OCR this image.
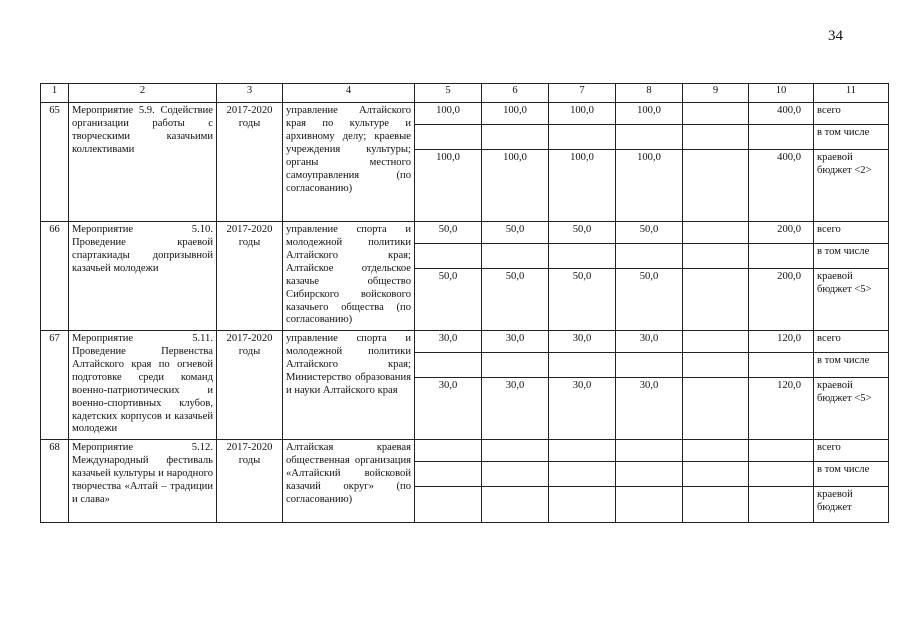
34
1	2	3	4	5	6	7	8	9	10	11
65	Мероприятие 5.9. Содействие организации работы с творческими казачьими коллективами	2017-2020 годы	управление Алтайского края по культуре и архивному делу; краевые учреждения культуры; органы местного самоуправления (по согласованию)	100,0	100,0	100,0	100,0		400,0	всего
										в том числе
				100,0	100,0	100,0	100,0		400,0	краевой бюджет <2>
66	Мероприятие 5.10. Проведение краевой спартакиады допризывной казачьей молодежи	2017-2020 годы	управление спорта и молодежной политики Алтайского края; Алтайское отдельское казачье общество Сибирского войскового казачьего общества (по согласованию)	50,0	50,0	50,0	50,0		200,0	всего
										в том числе
				50,0	50,0	50,0	50,0		200,0	краевой бюджет <5>
67	Мероприятие 5.11. Проведение Первенства Алтайского края по огневой подготовке среди команд военно-патриотических и военно-спортивных клубов, кадетских корпусов и казачьей молодежи	2017-2020 годы	управление спорта и молодежной политики Алтайского края; Министерство образования и науки Алтайского края	30,0	30,0	30,0	30,0		120,0	всего
										в том числе
				30,0	30,0	30,0	30,0		120,0	краевой бюджет <5>
68	Мероприятие 5.12. Международный фестиваль казачьей культуры и народного творчества «Алтай – традиции и слава»	2017-2020 годы	Алтайская краевая общественная организация «Алтайский войсковой казачий округ» (по согласованию)							всего
										в том числе
										краевой бюджет
